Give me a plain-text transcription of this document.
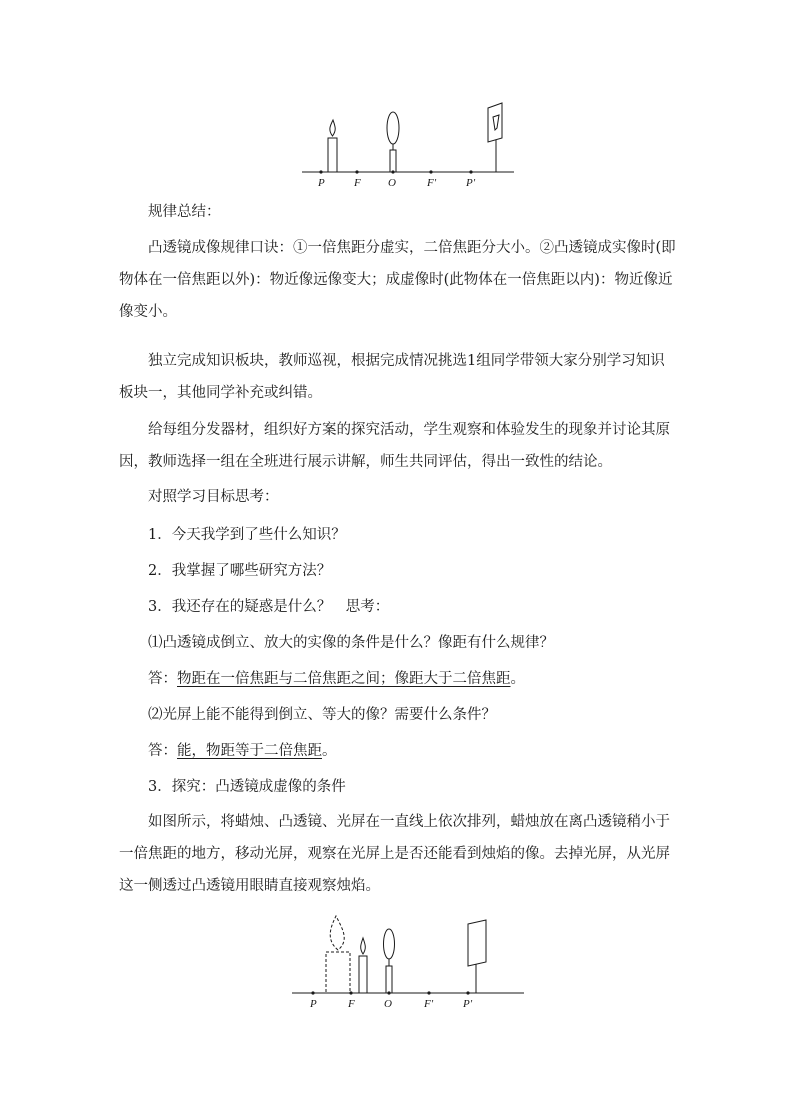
P	F O	F′	P′

规律总结：

凸透镜成像规律口诀：①一倍焦距分虚实，二倍焦距分大小。②凸透镜成实像时(即物体在一倍焦距以外)：物近像远像变大；成虚像时(此物体在一倍焦距以内)：物近像近像变小。

独立完成知识板块，教师巡视，根据完成情况挑选1组同学带领大家分别学习知识板块一，其他同学补充或纠错。

给每组分发器材，组织好方案的探究活动，学生观察和体验发生的现象并讨论其原因，教师选择一组在全班进行展示讲解，师生共同评估，得出一致性的结论。

对照学习目标思考：

1．今天我学到了些什么知识？

2．我掌握了哪些研究方法？

3．我还存在的疑惑是什么？　思考：

⑴凸透镜成倒立、放大的实像的条件是什么？像距有什么规律？

答：物距在一倍焦距与二倍焦距之间；像距大于二倍焦距。

⑵光屏上能不能得到倒立、等大的像？需要什么条件？

答：能，物距等于二倍焦距。

3．探究：凸透镜成虚像的条件

如图所示，将蜡烛、凸透镜、光屏在一直线上依次排列，蜡烛放在离凸透镜稍小于一倍焦距的地方，移动光屏，观察在光屏上是否还能看到烛焰的像。去掉光屏，从光屏这一侧透过凸透镜用眼睛直接观察烛焰。

P	F	O	F′	P′
